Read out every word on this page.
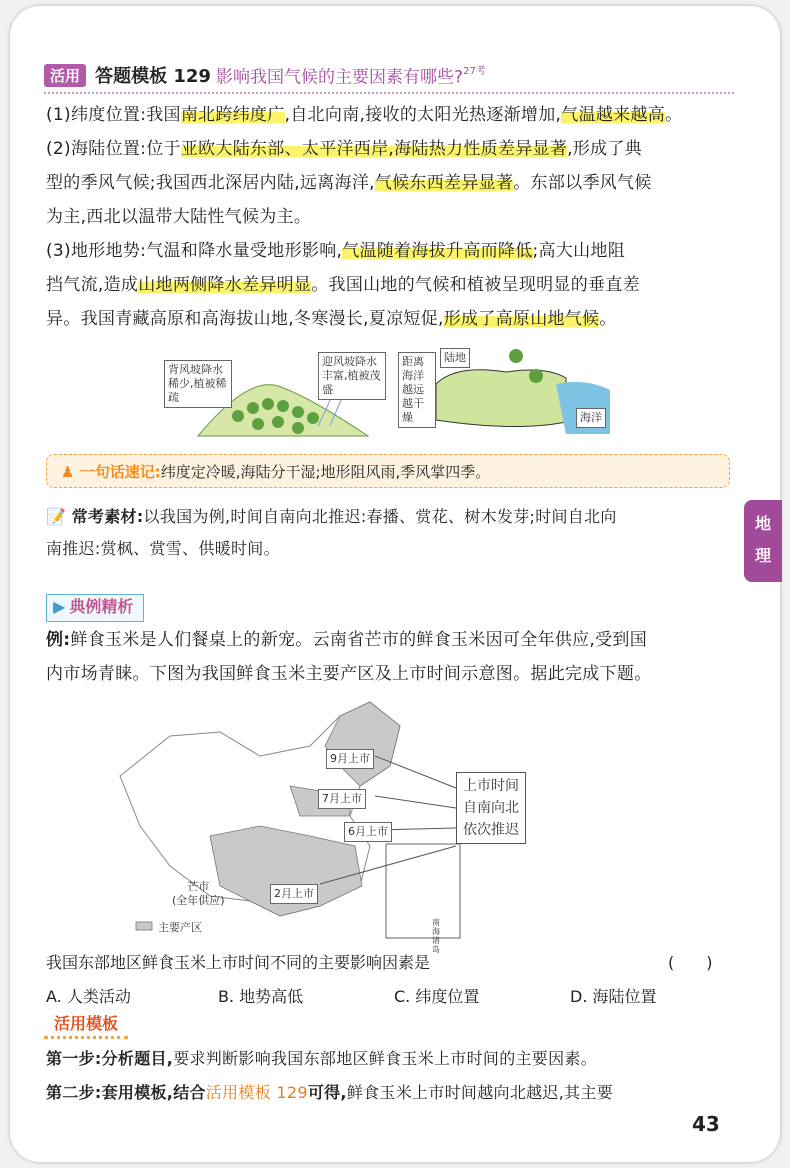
活用 答题模板 129 影响我国气候的主要因素有哪些?$^{27考}$
(1)纬度位置:我国南北跨纬度广,自北向南,接收的太阳光热逐渐增加,气温越来越高。
(2)海陆位置:位于亚欧大陆东部、太平洋西岸,海陆热力性质差异显著,形成了典
型的季风气候;我国西北深居内陆,远离海洋,气候东西差异显著。东部以季风气候
为主,西北以温带大陆性气候为主。
(3)地形地势:气温和降水量受地形影响,气温随着海拔升高而降低;高大山地阻
挡气流,造成山地两侧降水差异明显。我国山地的气候和植被呈现明显的垂直差
异。我国青藏高原和高海拔山地,冬寒漫长,夏凉短促,形成了高原山地气候。
背风坡降水稀少,植被稀疏
迎风坡降水丰富,植被茂盛
距离海洋越远越干燥
陆地
海洋
♟ 一句话速记:纬度定冷暖,海陆分干湿;地形阻风雨,季风掌四季。
📝 常考素材:以我国为例,时间自南向北推迟:春播、赏花、树木发芽;时间自北向
南推迟:赏枫、赏雪、供暖时间。
地
理
▶ 典例精析
例:鲜食玉米是人们餐桌上的新宠。云南省芒市的鲜食玉米因可全年供应,受到国
内市场青睐。下图为我国鲜食玉米主要产区及上市时间示意图。据此完成下题。
9月上市
7月上市
6月上市
2月上市
上市时间
自南向北
依次推迟
芒市
(全年供应)
主要产区	南海诸岛
我国东部地区鲜食玉米上市时间不同的主要影响因素是	(　　)
A. 人类活动	B. 地势高低	C. 纬度位置	D. 海陆位置
活用模板
第一步:分析题目,要求判断影响我国东部地区鲜食玉米上市时间的主要因素。
第二步:套用模板,结合活用模板 129可得,鲜食玉米上市时间越向北越迟,其主要
43
